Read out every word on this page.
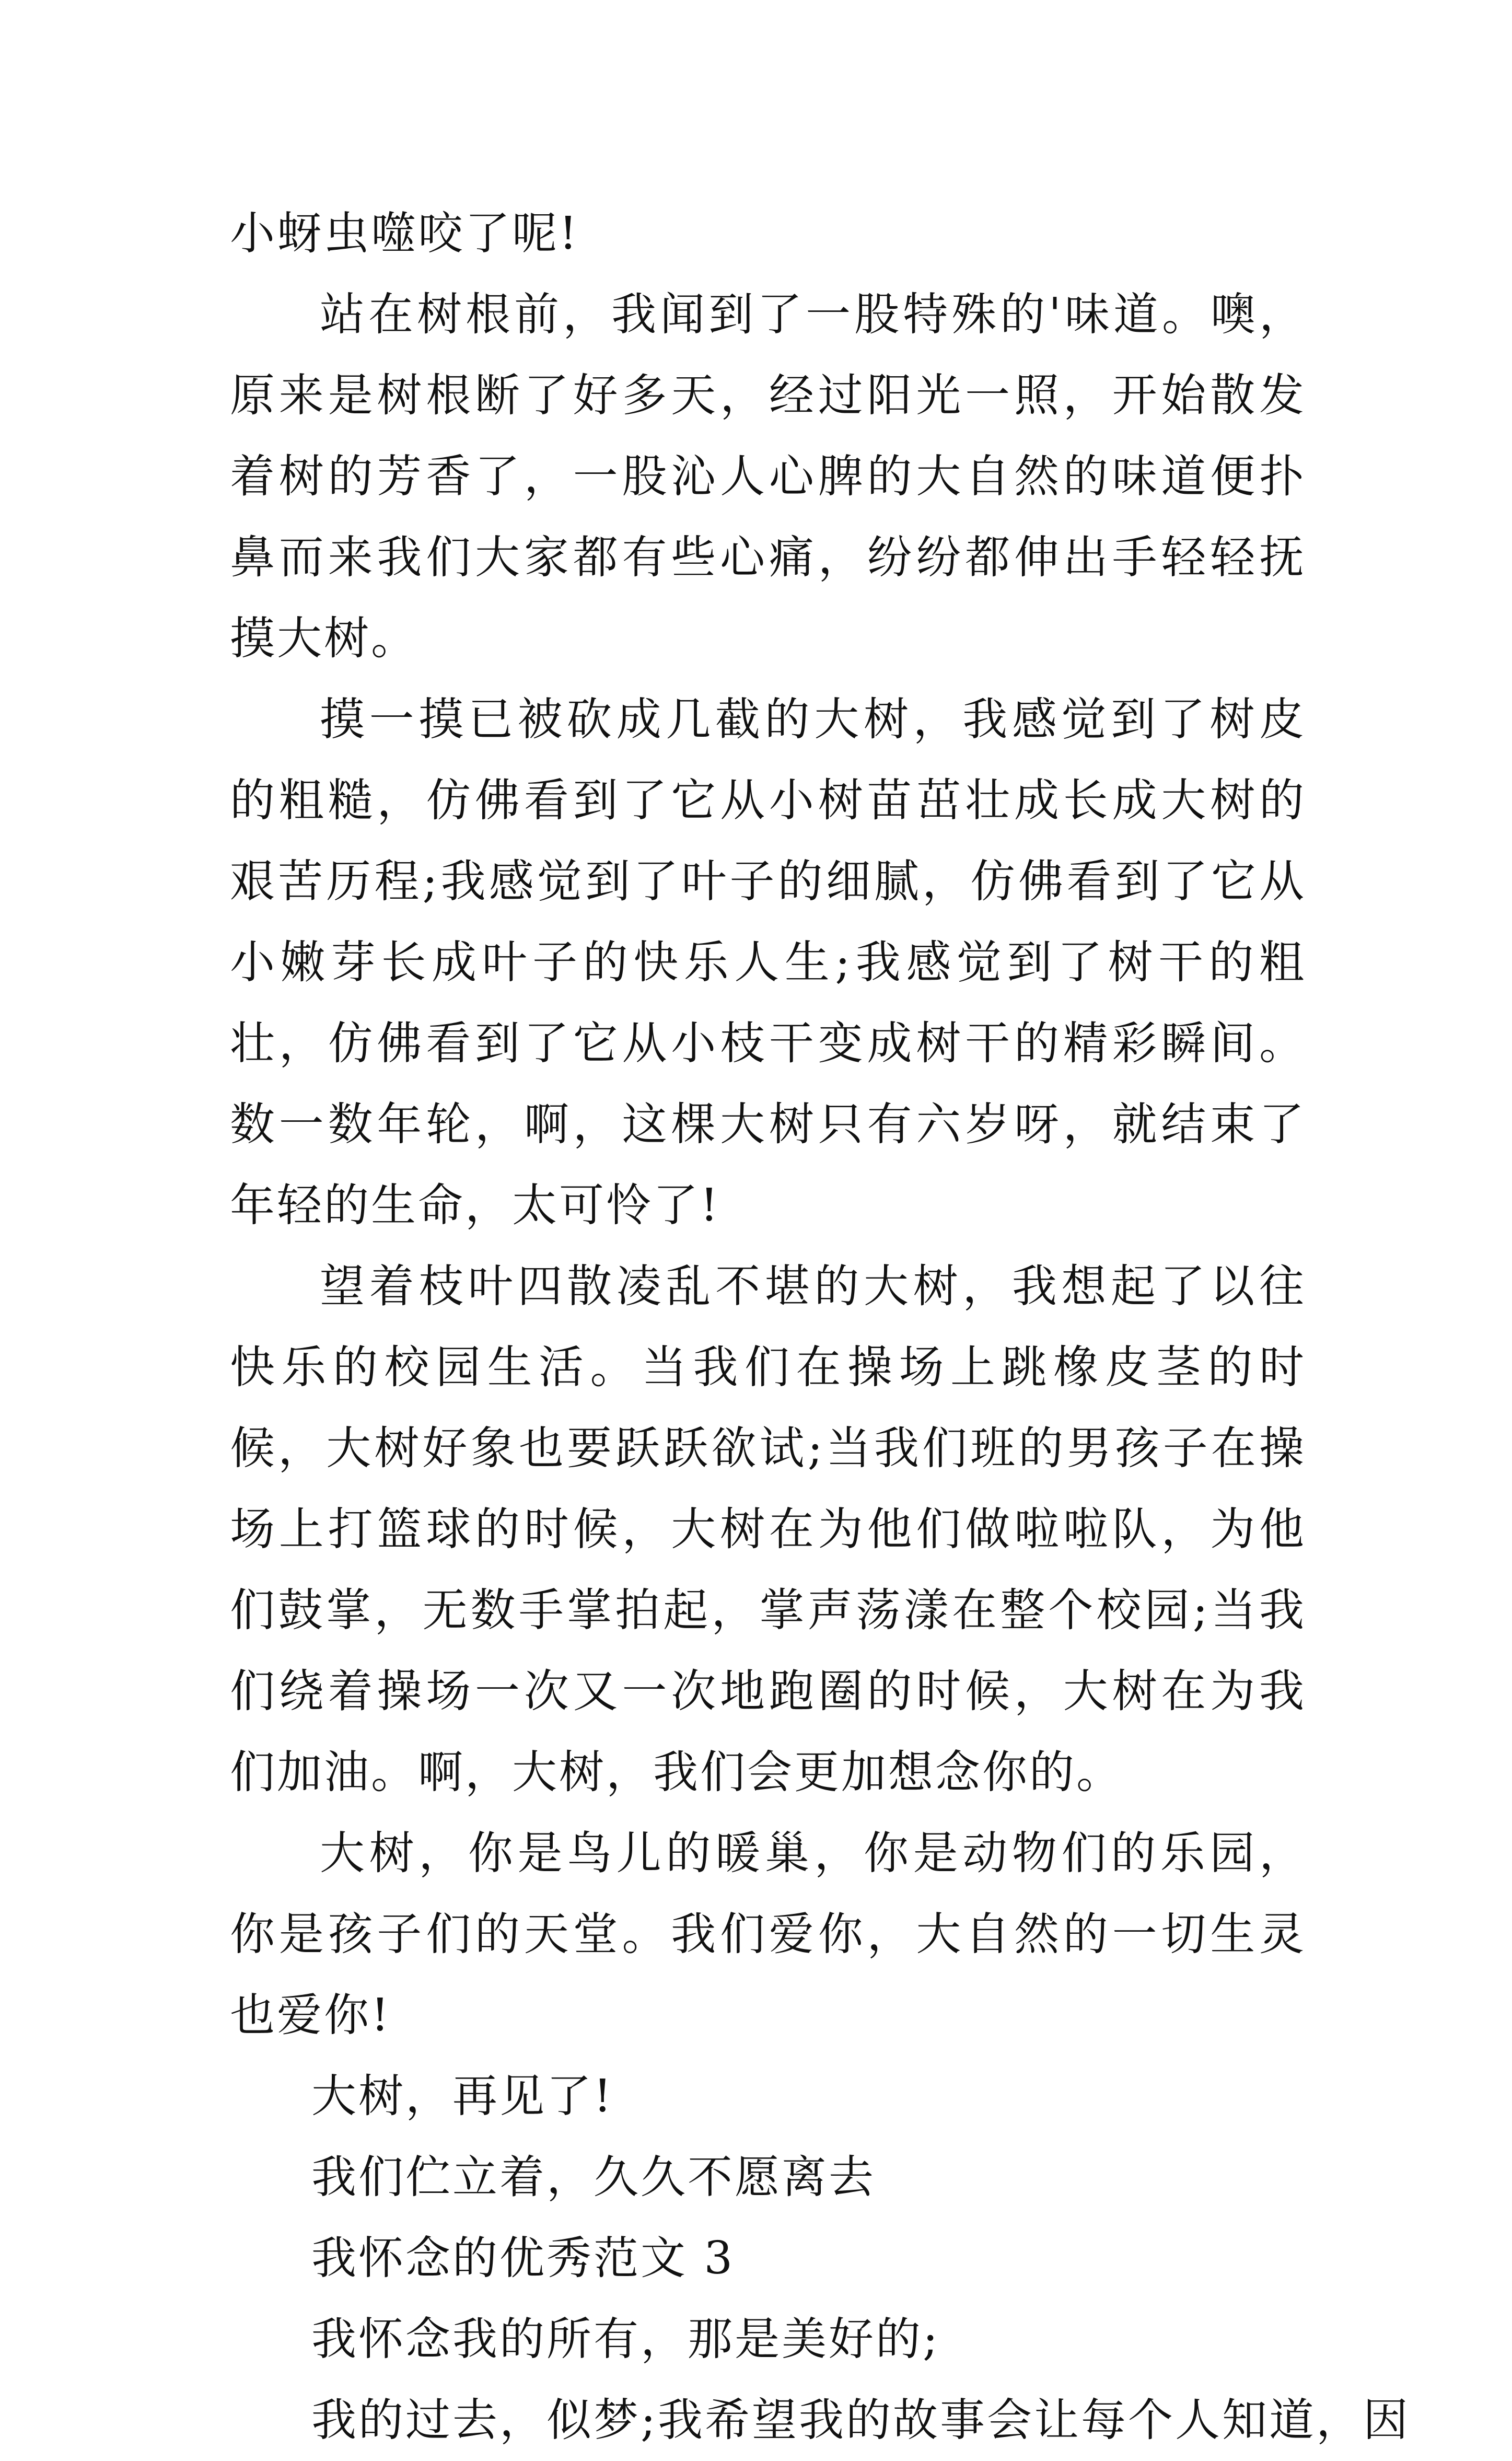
小蚜虫噬咬了呢!

站在树根前，我闻到了一股特殊的'味道。噢，原来是树根断了好多天，经过阳光一照，开始散发着树的芳香了，一股沁人心脾的大自然的味道便扑鼻而来我们大家都有些心痛，纷纷都伸出手轻轻抚摸大树。

摸一摸已被砍成几截的大树，我感觉到了树皮的粗糙，仿佛看到了它从小树苗茁壮成长成大树的艰苦历程;我感觉到了叶子的细腻，仿佛看到了它从小嫩芽长成叶子的快乐人生;我感觉到了树干的粗壮，仿佛看到了它从小枝干变成树干的精彩瞬间。数一数年轮，啊，这棵大树只有六岁呀，就结束了年轻的生命，太可怜了!

望着枝叶四散凌乱不堪的大树，我想起了以往快乐的校园生活。当我们在操场上跳橡皮茎的时候，大树好象也要跃跃欲试;当我们班的男孩子在操场上打篮球的时候，大树在为他们做啦啦队，为他们鼓掌，无数手掌拍起，掌声荡漾在整个校园;当我们绕着操场一次又一次地跑圈的时候，大树在为我们加油。啊，大树，我们会更加想念你的。

大树，你是鸟儿的暖巢，你是动物们的乐园，你是孩子们的天堂。我们爱你，大自然的一切生灵也爱你!

大树，再见了!

我们伫立着，久久不愿离去

我怀念的优秀范文 3

我怀念我的所有，那是美好的;

我的过去，似梦;我希望我的故事会让每个人知道，因
